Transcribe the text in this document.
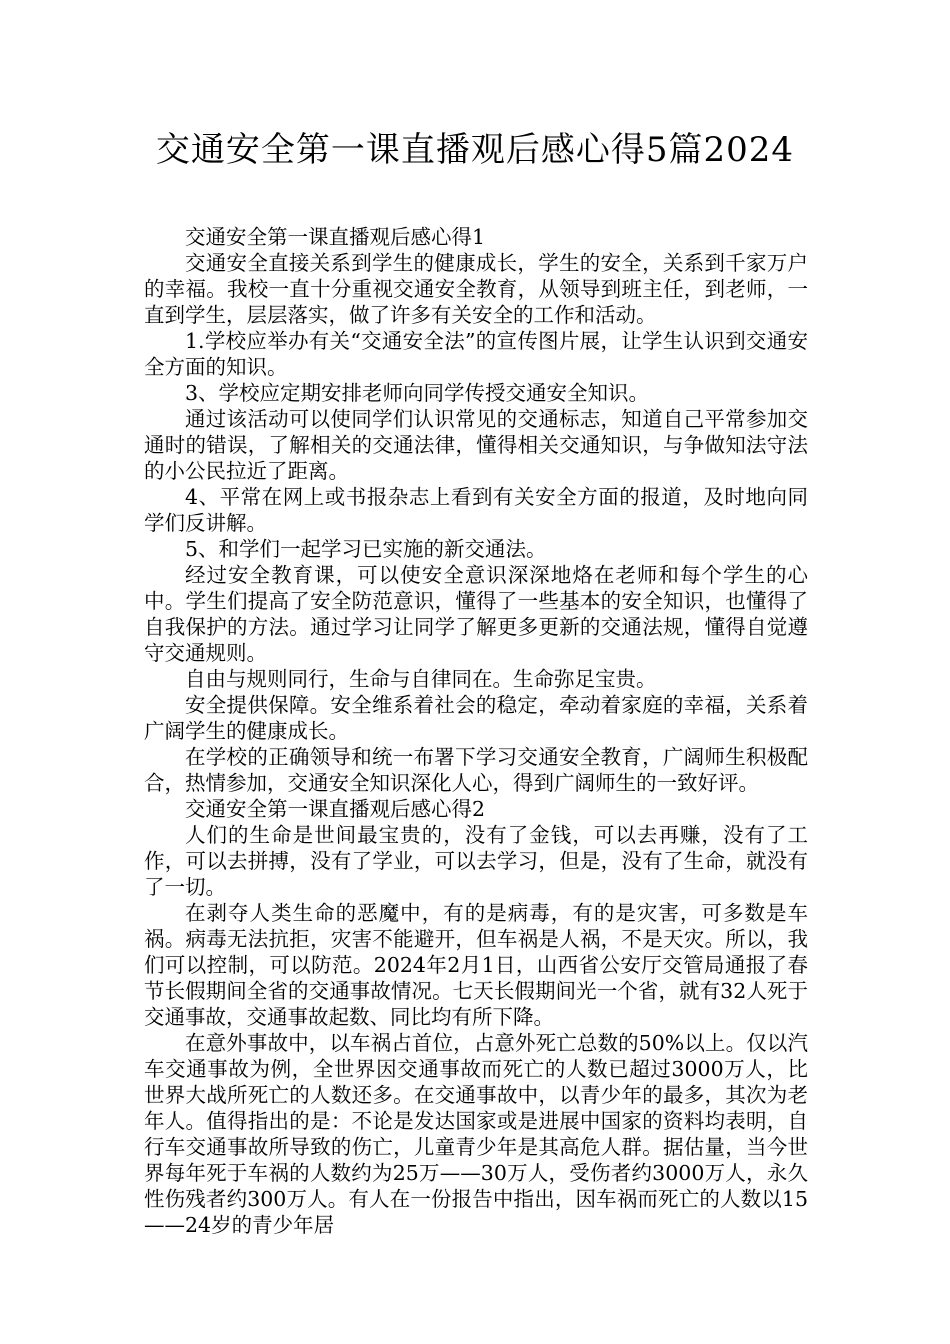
交通安全第一课直播观后感心得5篇2024

交通安全第一课直播观后感心得1

交通安全直接关系到学生的健康成长，学生的安全，关系到千家万户的幸福。我校一直十分重视交通安全教育，从领导到班主任，到老师，一直到学生，层层落实，做了许多有关安全的工作和活动。

1.学校应举办有关“交通安全法”的宣传图片展，让学生认识到交通安全方面的知识。

3、学校应定期安排老师向同学传授交通安全知识。

通过该活动可以使同学们认识常见的交通标志，知道自己平常参加交通时的错误，了解相关的交通法律，懂得相关交通知识，与争做知法守法的小公民拉近了距离。

4、平常在网上或书报杂志上看到有关安全方面的报道，及时地向同学们反讲解。

5、和学们一起学习已实施的新交通法。

经过安全教育课，可以使安全意识深深地烙在老师和每个学生的心中。学生们提高了安全防范意识，懂得了一些基本的安全知识，也懂得了自我保护的方法。通过学习让同学了解更多更新的交通法规，懂得自觉遵守交通规则。

自由与规则同行，生命与自律同在。生命弥足宝贵。

安全提供保障。安全维系着社会的稳定，牵动着家庭的幸福，关系着广阔学生的健康成长。

在学校的正确领导和统一布署下学习交通安全教育，广阔师生积极配合，热情参加，交通安全知识深化人心，得到广阔师生的一致好评。

交通安全第一课直播观后感心得2

人们的生命是世间最宝贵的，没有了金钱，可以去再赚，没有了工作，可以去拼搏，没有了学业，可以去学习，但是，没有了生命，就没有了一切。

在剥夺人类生命的恶魔中，有的是病毒，有的是灾害，可多数是车祸。病毒无法抗拒，灾害不能避开，但车祸是人祸，不是天灾。所以，我们可以控制，可以防范。2024年2月1日，山西省公安厅交管局通报了春节长假期间全省的交通事故情况。七天长假期间光一个省，就有32人死于交通事故，交通事故起数、同比均有所下降。

在意外事故中，以车祸占首位，占意外死亡总数的50%以上。仅以汽车交通事故为例，全世界因交通事故而死亡的人数已超过3000万人，比世界大战所死亡的人数还多。在交通事故中，以青少年的最多，其次为老年人。值得指出的是：不论是发达国家或是进展中国家的资料均表明，自行车交通事故所导致的伤亡，儿童青少年是其高危人群。据估量，当今世界每年死于车祸的人数约为25万——30万人，受伤者约3000万人，永久性伤残者约300万人。有人在一份报告中指出，因车祸而死亡的人数以15——24岁的青少年居
